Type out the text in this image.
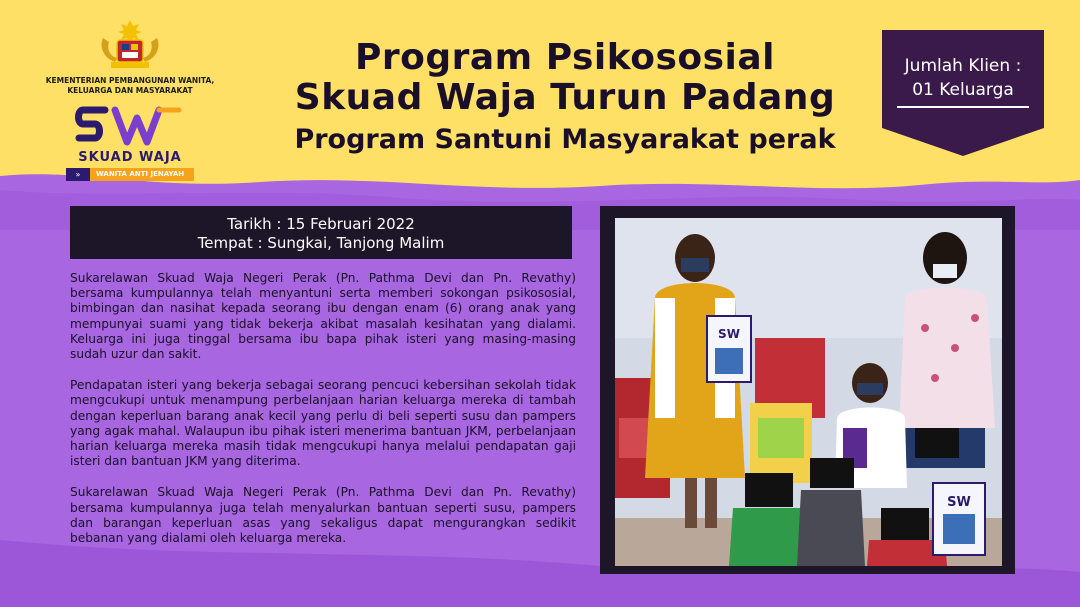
KEMENTERIAN PEMBANGUNAN WANITA,
KELUARGA DAN MASYARAKAT
SKUAD WAJA
»	WANITA ANTI JENAYAH
Program Psikososial
Skuad Waja Turun Padang
Program Santuni Masyarakat perak
Jumlah Klien :
01 Keluarga
Tarikh : 15 Februari 2022
Tempat : Sungkai, Tanjong Malim

Sukarelawan Skuad Waja Negeri Perak (Pn. Pathma Devi dan Pn. Revathy) bersama kumpulannya telah menyantuni serta memberi sokongan psikososial, bimbingan dan nasihat kepada seorang ibu dengan enam (6) orang anak yang mempunyai suami yang tidak bekerja akibat masalah kesihatan yang dialami. Keluarga ini juga tinggal bersama ibu bapa pihak isteri yang masing-masing sudah uzur dan sakit.

Pendapatan isteri yang bekerja sebagai seorang pencuci kebersihan sekolah tidak mengcukupi untuk menampung perbelanjaan harian keluarga mereka di tambah dengan keperluan barang anak kecil yang perlu di beli seperti susu dan pampers yang agak mahal. Walaupun ibu pihak isteri menerima bantuan JKM, perbelanjaan harian keluarga mereka masih tidak mengcukupi hanya melalui pendapatan gaji isteri dan bantuan JKM yang diterima.

Sukarelawan Skuad Waja Negeri Perak (Pn. Pathma Devi dan Pn. Revathy) bersama kumpulannya juga telah menyalurkan bantuan seperti susu, pampers dan barangan keperluan asas yang sekaligus dapat mengurangkan sedikit bebanan yang dialami oleh keluarga mereka.

SW
SW
